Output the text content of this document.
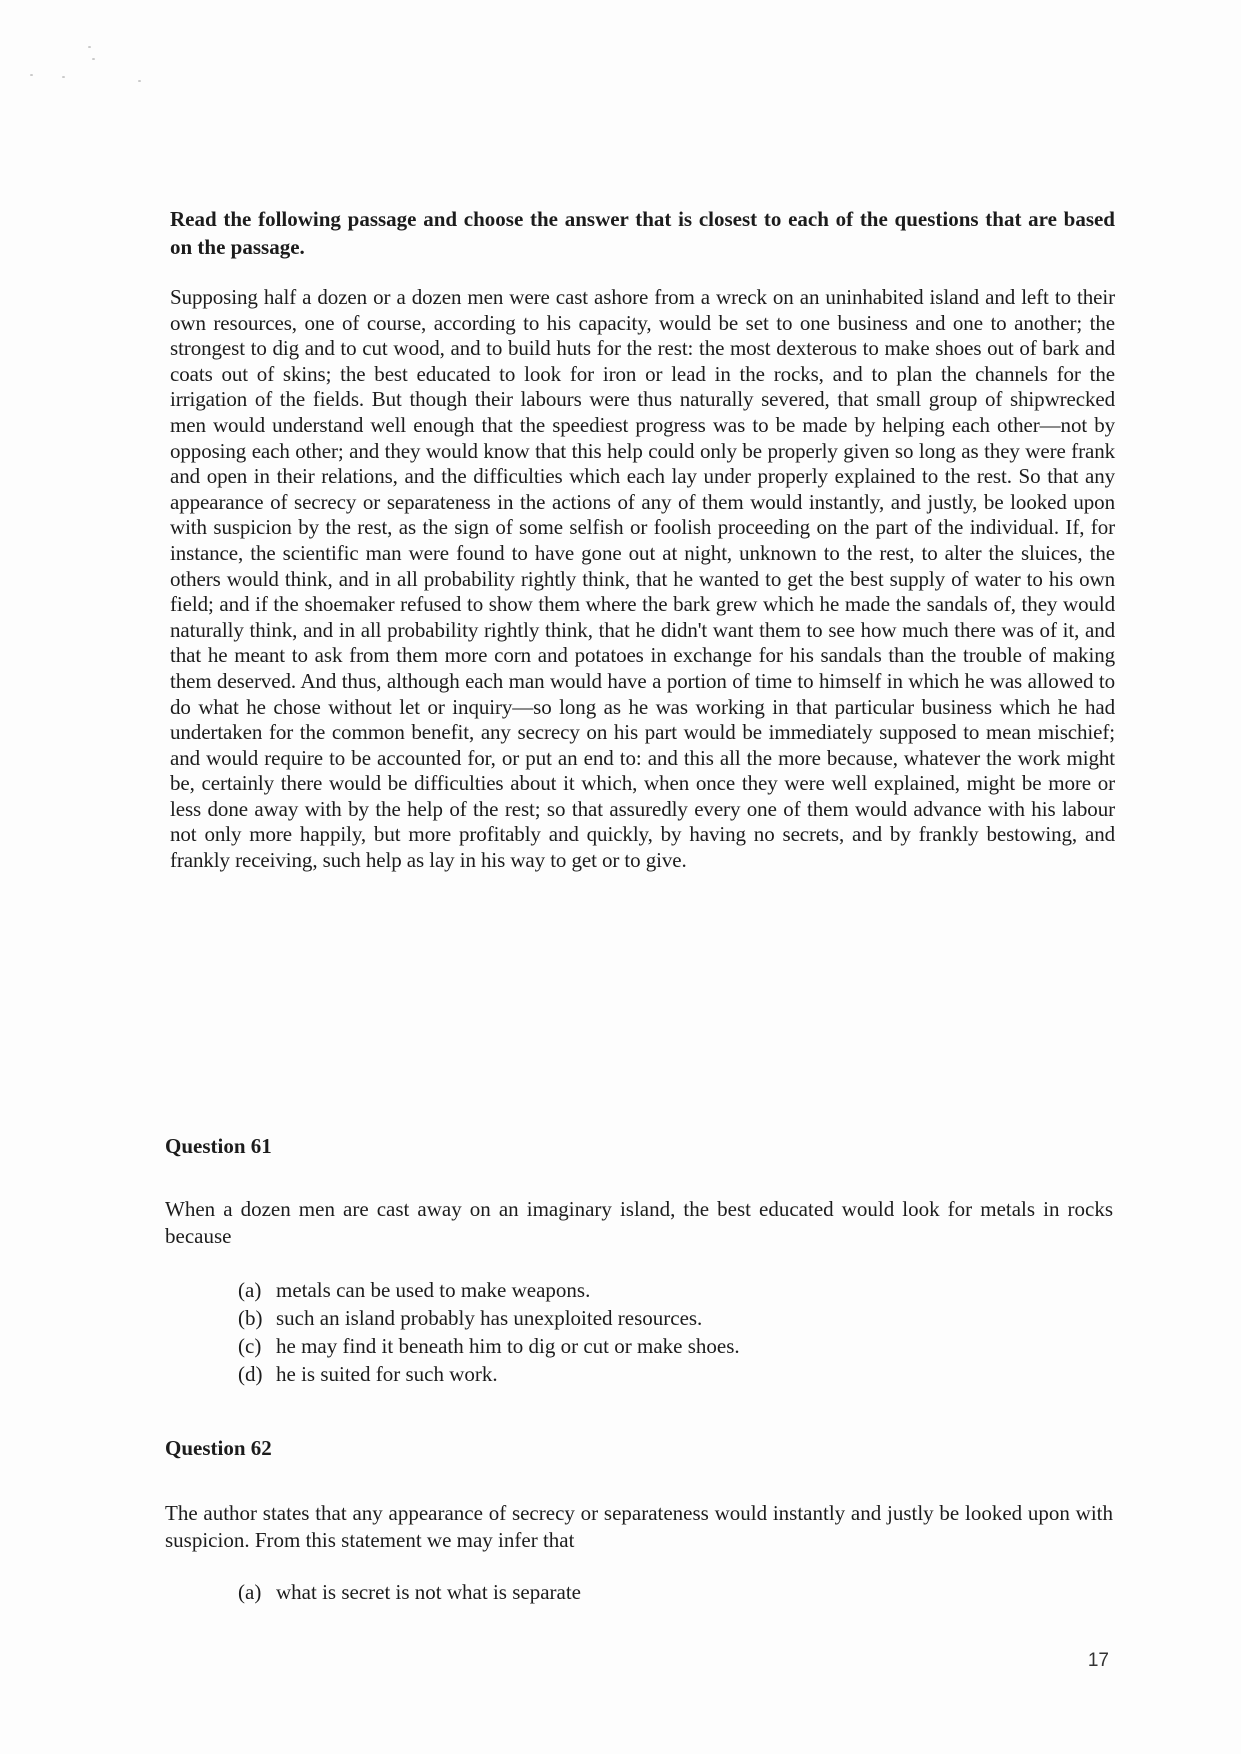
Read the following passage and choose the answer that is closest to each of the questions that are based on the passage.

Supposing half a dozen or a dozen men were cast ashore from a wreck on an uninhabited island and left to their own resources, one of course, according to his capacity, would be set to one business and one to another; the strongest to dig and to cut wood, and to build huts for the rest: the most dexterous to make shoes out of bark and coats out of skins; the best educated to look for iron or lead in the rocks, and to plan the channels for the irrigation of the fields. But though their labours were thus naturally severed, that small group of shipwrecked men would understand well enough that the speediest progress was to be made by helping each other—not by opposing each other; and they would know that this help could only be properly given so long as they were frank and open in their relations, and the difficulties which each lay under properly explained to the rest. So that any appearance of secrecy or separateness in the actions of any of them would instantly, and justly, be looked upon with suspicion by the rest, as the sign of some selfish or foolish proceeding on the part of the individual. If, for instance, the scientific man were found to have gone out at night, unknown to the rest, to alter the sluices, the others would think, and in all probability rightly think, that he wanted to get the best supply of water to his own field; and if the shoemaker refused to show them where the bark grew which he made the sandals of, they would naturally think, and in all probability rightly think, that he didn't want them to see how much there was of it, and that he meant to ask from them more corn and potatoes in exchange for his sandals than the trouble of making them deserved. And thus, although each man would have a portion of time to himself in which he was allowed to do what he chose without let or inquiry—so long as he was working in that particular business which he had undertaken for the common benefit, any secrecy on his part would be immediately supposed to mean mischief; and would require to be accounted for, or put an end to: and this all the more because, whatever the work might be, certainly there would be difficulties about it which, when once they were well explained, might be more or less done away with by the help of the rest; so that assuredly every one of them would advance with his labour not only more happily, but more profitably and quickly, by having no secrets, and by frankly bestowing, and frankly receiving, such help as lay in his way to get or to give.

Question 61

When a dozen men are cast away on an imaginary island, the best educated would look for metals in rocks because

(a) metals can be used to make weapons.
(b) such an island probably has unexploited resources.
(c) he may find it beneath him to dig or cut or make shoes.
(d) he is suited for such work.
Question 62

The author states that any appearance of secrecy or separateness would instantly and justly be looked upon with suspicion. From this statement we may infer that

(a) what is secret is not what is separate
17
